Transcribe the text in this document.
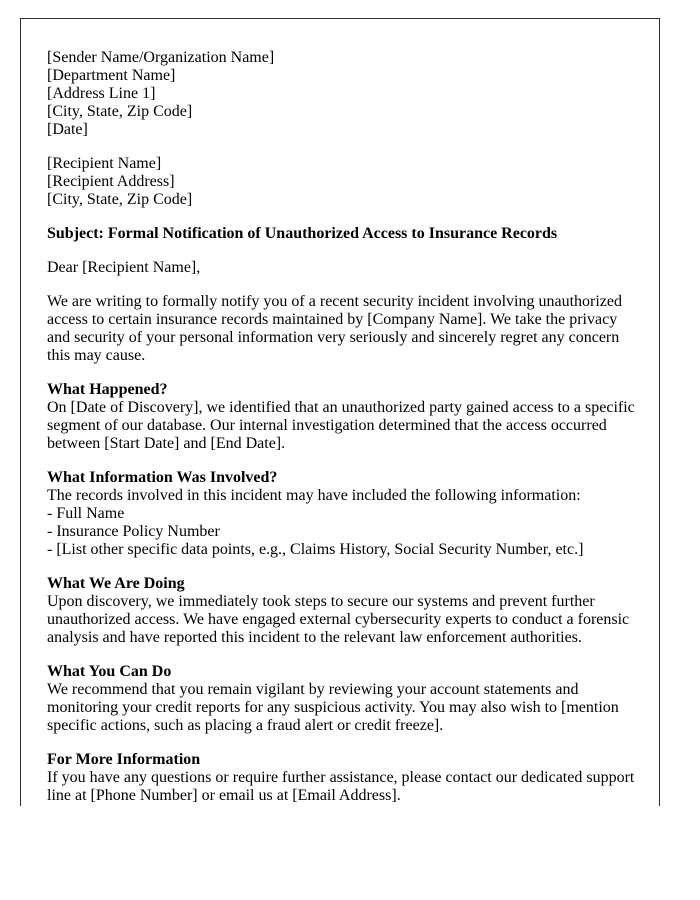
[Sender Name/Organization Name]
[Department Name]
[Address Line 1]
[City, State, Zip Code]
[Date]

[Recipient Name]
[Recipient Address]
[City, State, Zip Code]

Subject: Formal Notification of Unauthorized Access to Insurance Records

Dear [Recipient Name],

We are writing to formally notify you of a recent security incident involving unauthorized access to certain insurance records maintained by [Company Name]. We take the privacy and security of your personal information very seriously and sincerely regret any concern this may cause.

What Happened?
On [Date of Discovery], we identified that an unauthorized party gained access to a specific segment of our database. Our internal investigation determined that the access occurred between [Start Date] and [End Date].

What Information Was Involved?
The records involved in this incident may have included the following information:
- Full Name
- Insurance Policy Number
- [List other specific data points, e.g., Claims History, Social Security Number, etc.]

What We Are Doing
Upon discovery, we immediately took steps to secure our systems and prevent further unauthorized access. We have engaged external cybersecurity experts to conduct a forensic analysis and have reported this incident to the relevant law enforcement authorities.

What You Can Do
We recommend that you remain vigilant by reviewing your account statements and monitoring your credit reports for any suspicious activity. You may also wish to [mention specific actions, such as placing a fraud alert or credit freeze].

For More Information
If you have any questions or require further assistance, please contact our dedicated support line at [Phone Number] or email us at [Email Address].
